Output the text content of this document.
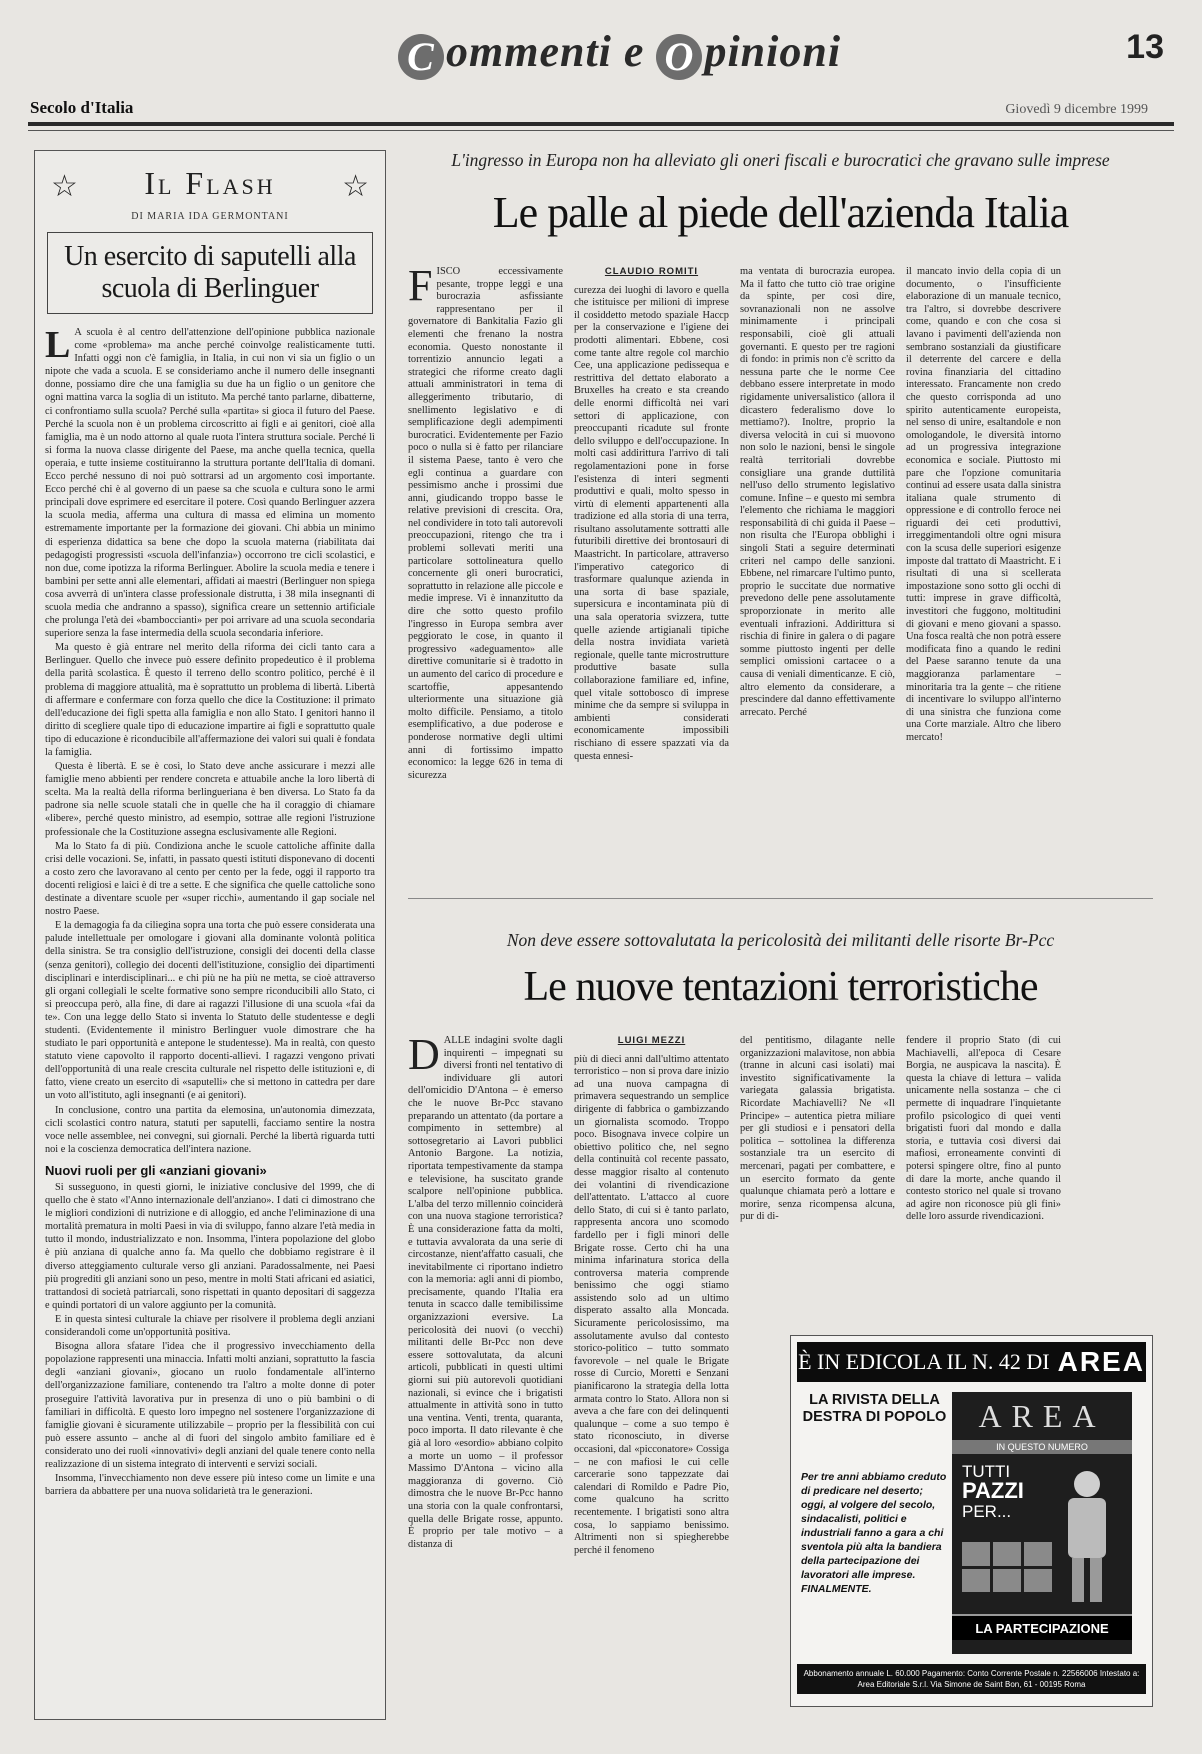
C ommenti e O pinioni	13
Secolo d'Italia	Giovedì 9 dicembre 1999
☆	Il Flash	☆
DI MARIA IDA GERMONTANI
Un esercito di saputelli alla scuola di Berlinguer

L A scuola è al centro dell'attenzione dell'opinione pubblica nazionale come «problema» ma anche perché coinvolge realisticamente tutti. Infatti oggi non c'è famiglia, in Italia, in cui non vi sia un figlio o un nipote che vada a scuola. E se consideriamo anche il numero delle insegnanti donne, possiamo dire che una famiglia su due ha un figlio o un genitore che ogni mattina varca la soglia di un istituto. Ma perché tanto parlarne, dibatterne, ci confrontiamo sulla scuola? Perché sulla «partita» si gioca il futuro del Paese. Perché la scuola non è un problema circoscritto ai figli e ai genitori, cioè alla famiglia, ma è un nodo attorno al quale ruota l'intera struttura sociale. Perché lì si forma la nuova classe dirigente del Paese, ma anche quella tecnica, quella operaia, e tutte insieme costituiranno la struttura portante dell'Italia di domani. Ecco perché nessuno di noi può sottrarsi ad un argomento così importante. Ecco perché chi è al governo di un paese sa che scuola e cultura sono le armi principali dove esprimere ed esercitare il potere. Così quando Berlinguer azzera la scuola media, afferma una cultura di massa ed elimina un momento estremamente importante per la formazione dei giovani. Chi abbia un minimo di esperienza didattica sa bene che dopo la scuola materna (riabilitata dai pedagogisti progressisti «scuola dell'infanzia») occorrono tre cicli scolastici, e non due, come ipotizza la riforma Berlinguer. Abolire la scuola media e tenere i bambini per sette anni alle elementari, affidati ai maestri (Berlinguer non spiega cosa avverrà di un'intera classe professionale distrutta, i 38 mila insegnanti di scuola media che andranno a spasso), significa creare un settennio artificiale che prolunga l'età dei «bamboccianti» per poi arrivare ad una scuola secondaria superiore senza la fase intermedia della scuola secondaria inferiore.

Ma questo è già entrare nel merito della riforma dei cicli tanto cara a Berlinguer. Quello che invece può essere definito propedeutico è il problema della parità scolastica. È questo il terreno dello scontro politico, perché è il problema di maggiore attualità, ma è soprattutto un problema di libertà. Libertà di affermare e confermare con forza quello che dice la Costituzione: il primato dell'educazione dei figli spetta alla famiglia e non allo Stato. I genitori hanno il diritto di scegliere quale tipo di educazione impartire ai figli e soprattutto quale tipo di educazione è riconducibile all'affermazione dei valori sui quali è fondata la famiglia.

Questa è libertà. E se è così, lo Stato deve anche assicurare i mezzi alle famiglie meno abbienti per rendere concreta e attuabile anche la loro libertà di scelta. Ma la realtà della riforma berlingueriana è ben diversa. Lo Stato fa da padrone sia nelle scuole statali che in quelle che ha il coraggio di chiamare «libere», perché questo ministro, ad esempio, sottrae alle regioni l'istruzione professionale che la Costituzione assegna esclusivamente alle Regioni.

Ma lo Stato fa di più. Condiziona anche le scuole cattoliche affinite dalla crisi delle vocazioni. Se, infatti, in passato questi istituti disponevano di docenti a costo zero che lavoravano al cento per cento per la fede, oggi il rapporto tra docenti religiosi e laici è di tre a sette. E che significa che quelle cattoliche sono destinate a diventare scuole per «super ricchi», aumentando il gap sociale nel nostro Paese.

E la demagogia fa da ciliegina sopra una torta che può essere considerata una palude intellettuale per omologare i giovani alla dominante volontà politica della sinistra. Se tra consiglio dell'istruzione, consigli dei docenti della classe (senza genitori), collegio dei docenti dell'istituzione, consiglio dei dipartimenti disciplinari e interdisciplinari... e chi più ne ha più ne metta, se cioè attraverso gli organi collegiali le scelte formative sono sempre riconducibili allo Stato, ci si preoccupa però, alla fine, di dare ai ragazzi l'illusione di una scuola «fai da te». Con una legge dello Stato si inventa lo Statuto delle studentesse e degli studenti. (Evidentemente il ministro Berlinguer vuole dimostrare che ha studiato le pari opportunità e antepone le studentesse). Ma in realtà, con questo statuto viene capovolto il rapporto docenti-allievi. I ragazzi vengono privati dell'opportunità di una reale crescita culturale nel rispetto delle istituzioni e, di fatto, viene creato un esercito di «saputelli» che si mettono in cattedra per dare un voto all'istituto, agli insegnanti (e ai genitori).

In conclusione, contro una partita da elemosina, un'autonomia dimezzata, cicli scolastici contro natura, statuti per saputelli, facciamo sentire la nostra voce nelle assemblee, nei convegni, sui giornali. Perché la libertà riguarda tutti noi e la coscienza democratica dell'intera nazione.

Nuovi ruoli per gli «anziani giovani»

Si susseguono, in questi giorni, le iniziative conclusive del 1999, che di quello che è stato «l'Anno internazionale dell'anziano». I dati ci dimostrano che le migliori condizioni di nutrizione e di alloggio, ed anche l'eliminazione di una mortalità prematura in molti Paesi in via di sviluppo, fanno alzare l'età media in tutto il mondo, industrializzato e non. Insomma, l'intera popolazione del globo è più anziana di qualche anno fa. Ma quello che dobbiamo registrare è il diverso atteggiamento culturale verso gli anziani. Paradossalmente, nei Paesi più progrediti gli anziani sono un peso, mentre in molti Stati africani ed asiatici, trattandosi di società patriarcali, sono rispettati in quanto depositari di saggezza e quindi portatori di un valore aggiunto per la comunità.

E in questa sintesi culturale la chiave per risolvere il problema degli anziani considerandoli come un'opportunità positiva.

Bisogna allora sfatare l'idea che il progressivo invecchiamento della popolazione rappresenti una minaccia. Infatti molti anziani, soprattutto la fascia degli «anziani giovani», giocano un ruolo fondamentale all'interno dell'organizzazione familiare, contenendo tra l'altro a molte donne di poter proseguire l'attività lavorativa pur in presenza di uno o più bambini o di familiari in difficoltà. E questo loro impegno nel sostenere l'organizzazione di famiglie giovani è sicuramente utilizzabile – proprio per la flessibilità con cui può essere assunto – anche al di fuori del singolo ambito familiare ed è considerato uno dei ruoli «innovativi» degli anziani del quale tenere conto nella realizzazione di un sistema integrato di interventi e servizi sociali.

Insomma, l'invecchiamento non deve essere più inteso come un limite e una barriera da abbattere per una nuova solidarietà tra le generazioni.

L'ingresso in Europa non ha alleviato gli oneri fiscali e burocratici che gravano sulle imprese
Le palle al piede dell'azienda Italia

FISCO eccessivamente pesante, troppe leggi e una burocrazia asfissiante rappresentano per il governatore di Bankitalia Fazio gli elementi che frenano la nostra economia. Questo nonostante il torrentizio annuncio legati a strategici che riforme creato dagli attuali amministratori in tema di alleggerimento tributario, di snellimento legislativo e di semplificazione degli adempimenti burocratici. Evidentemente per Fazio poco o nulla si è fatto per rilanciare il sistema Paese, tanto è vero che egli continua a guardare con pessimismo anche i prossimi due anni, giudicando troppo basse le relative previsioni di crescita. Ora, nel condividere in toto tali autorevoli preoccupazioni, ritengo che tra i problemi sollevati meriti una particolare sottolineatura quello concernente gli oneri burocratici, soprattutto in relazione alle piccole e medie imprese. Vi è innanzitutto da dire che sotto questo profilo l'ingresso in Europa sembra aver peggiorato le cose, in quanto il progressivo «adeguamento» alle direttive comunitarie si è tradotto in un aumento del carico di procedure e scartoffie, appesantendo ulteriormente una situazione già molto difficile. Pensiamo, a titolo esemplificativo, a due poderose e ponderose normative degli ultimi anni di fortissimo impatto economico: la legge 626 in tema di sicurezza

CLAUDIO ROMITI

curezza dei luoghi di lavoro e quella che istituisce per milioni di imprese il cosiddetto metodo spaziale Haccp per la conservazione e l'igiene dei prodotti alimentari. Ebbene, così come tante altre regole col marchio Cee, una applicazione pedissequa e restrittiva del dettato elaborato a Bruxelles ha creato e sta creando delle enormi difficoltà nei vari settori di applicazione, con preoccupanti ricadute sul fronte dello sviluppo e dell'occupazione. In molti casi addirittura l'arrivo di tali regolamentazioni pone in forse l'esistenza di interi segmenti produttivi e quali, molto spesso in virtù di elementi appartenenti alla tradizione ed alla storia di una terra, risultano assolutamente sottratti alle futuribili direttive dei brontosauri di Maastricht. In particolare, attraverso l'imperativo categorico di trasformare qualunque azienda in una sorta di base spaziale, supersicura e incontaminata più di una sala operatoria svizzera, tutte quelle aziende artigianali tipiche della nostra invidiata varietà regionale, quelle tante microstrutture produttive basate sulla collaborazione familiare ed, infine, quel vitale sottobosco di imprese minime che da sempre si sviluppa in ambienti considerati economicamente impossibili rischiano di essere spazzati via da questa ennesi-

ma ventata di burocrazia europea. Ma il fatto che tutto ciò trae origine da spinte, per così dire, sovranazionali non ne assolve minimamente i principali responsabili, cioè gli attuali governanti. E questo per tre ragioni di fondo: in primis non c'è scritto da nessuna parte che le norme Cee debbano essere interpretate in modo rigidamente universalistico (allora il dicastero federalismo dove lo mettiamo?). Inoltre, proprio la diversa velocità in cui si muovono non solo le nazioni, bensì le singole realtà territoriali dovrebbe consigliare una grande duttilità nell'uso dello strumento legislativo comune. Infine – e questo mi sembra l'elemento che richiama le maggiori responsabilità di chi guida il Paese – non risulta che l'Europa obblighi i singoli Stati a seguire determinati criteri nel campo delle sanzioni. Ebbene, nel rimarcare l'ultimo punto, proprio le succitate due normative prevedono delle pene assolutamente sproporzionate in merito alle eventuali infrazioni. Addirittura si rischia di finire in galera o di pagare somme piuttosto ingenti per delle semplici omissioni cartacee o a causa di veniali dimenticanze. E ciò, altro elemento da considerare, a prescindere dal danno effettivamente arrecato. Perché

il mancato invio della copia di un documento, o l'insufficiente elaborazione di un manuale tecnico, tra l'altro, si dovrebbe descrivere come, quando e con che cosa si lavano i pavimenti dell'azienda non sembrano sostanziali da giustificare il deterrente del carcere e della rovina finanziaria del cittadino interessato. Francamente non credo che questo corrisponda ad uno spirito autenticamente europeista, nel senso di unire, esaltandole e non omologandole, le diversità intorno ad un progressiva integrazione economica e sociale. Piuttosto mi pare che l'opzione comunitaria continui ad essere usata dalla sinistra italiana quale strumento di oppressione e di controllo feroce nei riguardi dei ceti produttivi, irreggimentandoli oltre ogni misura con la scusa delle superiori esigenze imposte dal trattato di Maastricht. E i risultati di una sì scellerata impostazione sono sotto gli occhi di tutti: imprese in grave difficoltà, investitori che fuggono, moltitudini di giovani e meno giovani a spasso. Una fosca realtà che non potrà essere modificata fino a quando le redini del Paese saranno tenute da una maggioranza parlamentare – minoritaria tra la gente – che ritiene di incentivare lo sviluppo all'interno di una sinistra che funziona come una Corte marziale. Altro che libero mercato!

Non deve essere sottovalutata la pericolosità dei militanti delle risorte Br-Pcc
Le nuove tentazioni terroristiche

DALLE indagini svolte dagli inquirenti – impegnati su diversi fronti nel tentativo di individuare gli autori dell'omicidio D'Antona – è emerso che le nuove Br-Pcc stavano preparando un attentato (da portare a compimento in settembre) al sottosegretario ai Lavori pubblici Antonio Bargone. La notizia, riportata tempestivamente da stampa e televisione, ha suscitato grande scalpore nell'opinione pubblica. L'alba del terzo millennio coinciderà con una nuova stagione terroristica? È una considerazione fatta da molti, e tuttavia avvalorata da una serie di circostanze, nient'affatto casuali, che inevitabilmente ci riportano indietro con la memoria: agli anni di piombo, precisamente, quando l'Italia era tenuta in scacco dalle temibilissime organizzazioni eversive. La pericolosità dei nuovi (o vecchi) militanti delle Br-Pcc non deve essere sottovalutata, da alcuni articoli, pubblicati in questi ultimi giorni sui più autorevoli quotidiani nazionali, si evince che i brigatisti attualmente in attività sono in tutto una ventina. Venti, trenta, quaranta, poco importa. Il dato rilevante è che già al loro «esordio» abbiano colpito a morte un uomo – il professor Massimo D'Antona – vicino alla maggioranza di governo. Ciò dimostra che le nuove Br-Pcc hanno una storia con la quale confrontarsi, quella delle Brigate rosse, appunto. È proprio per tale motivo – a distanza di

LUIGI MEZZI

più di dieci anni dall'ultimo attentato terroristico – non si prova dare inizio ad una nuova campagna di primavera sequestrando un semplice dirigente di fabbrica o gambizzando un giornalista scomodo. Troppo poco. Bisognava invece colpire un obiettivo politico che, nel segno della continuità col recente passato, desse maggior risalto al contenuto dei volantini di rivendicazione dell'attentato. L'attacco al cuore dello Stato, di cui si è tanto parlato, rappresenta ancora uno scomodo fardello per i figli minori delle Brigate rosse. Certo chi ha una minima infarinatura storica della controversa materia comprende benissimo che oggi stiamo assistendo solo ad un ultimo disperato assalto alla Moncada. Sicuramente pericolosissimo, ma assolutamente avulso dal contesto storico-politico – tutto sommato favorevole – nel quale le Brigate rosse di Curcio, Moretti e Senzani pianificarono la strategia della lotta armata contro lo Stato. Allora non si aveva a che fare con dei delinquenti qualunque – come a suo tempo è stato riconosciuto, in diverse occasioni, dal «picconatore» Cossiga – ne con mafiosi le cui celle carcerarie sono tappezzate dai calendari di Romildo e Padre Pio, come qualcuno ha scritto recentemente. I brigatisti sono altra cosa, lo sappiamo benissimo. Altrimenti non si spiegherebbe perché il fenomeno

del pentitismo, dilagante nelle organizzazioni malavitose, non abbia (tranne in alcuni casi isolati) mai investito significativamente la variegata galassia brigatista. Ricordate Machiavelli? Ne «Il Principe» – autentica pietra miliare per gli studiosi e i pensatori della politica – sottolinea la differenza sostanziale tra un esercito di mercenari, pagati per combattere, e un esercito formato da gente qualunque chiamata però a lottare e morire, senza ricompensa alcuna, pur di di-

fendere il proprio Stato (di cui Machiavelli, all'epoca di Cesare Borgia, ne auspicava la nascita). È questa la chiave di lettura – valida unicamente nella sostanza – che ci permette di inquadrare l'inquietante profilo psicologico di quei venti brigatisti fuori dal mondo e dalla storia, e tuttavia così diversi dai mafiosi, erroneamente convinti di potersi spingere oltre, fino al punto di dare la morte, anche quando il contesto storico nel quale si trovano ad agire non riconosce più gli fini» delle loro assurde rivendicazioni.

È IN EDICOLA IL N. 42 DI AREA
LA RIVISTA DELLA DESTRA DI POPOLO
Per tre anni abbiamo creduto di predicare nel deserto; oggi, al volgere del secolo, sindacalisti, politici e industriali fanno a gara a chi sventola più alta la bandiera della partecipazione dei lavoratori alle imprese. FINALMENTE.
AREA
IN QUESTO NUMERO
TUTTI
PAZZI
PER...
LA PARTECIPAZIONE
Abbonamento annuale L. 60.000 Pagamento: Conto Corrente Postale n. 22566006 Intestato a: Area Editoriale S.r.l. Via Simone de Saint Bon, 61 - 00195 Roma
